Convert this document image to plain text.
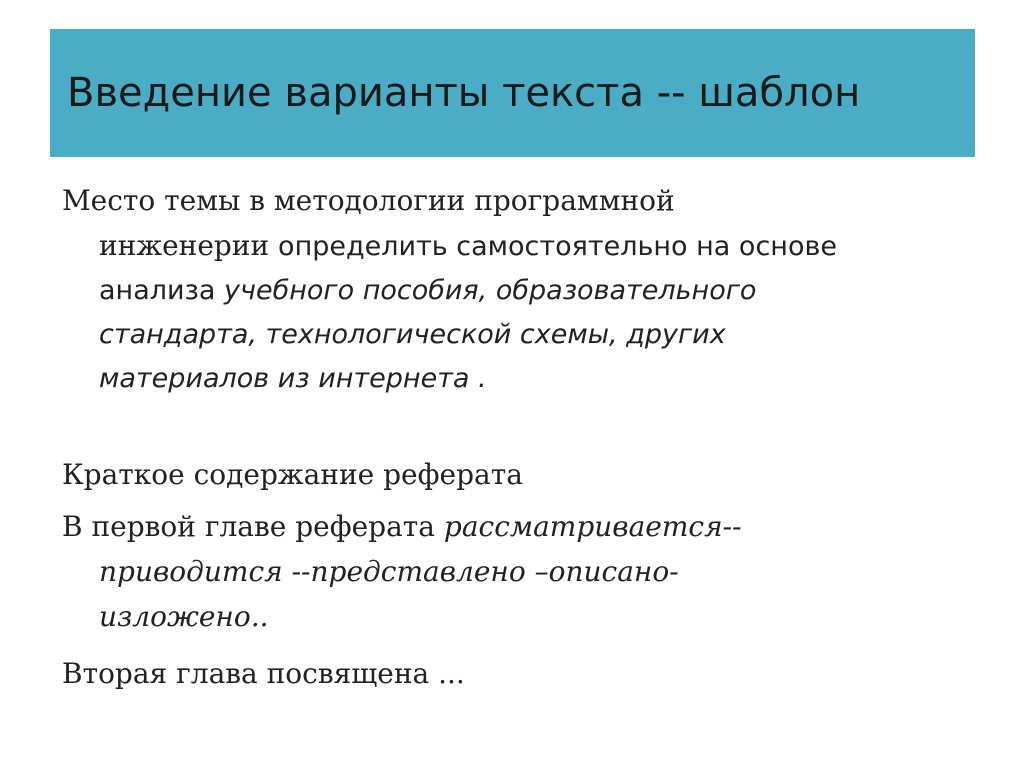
Введение варианты текста -- шаблон

Место темы в методологии программной
инженерии определить самостоятельно на основе
анализа учебного пособия, образовательного
стандарта, технологической схемы, других
материалов из интернета .

Краткое содержание реферата

В первой главе реферата рассматривается--
приводится --представлено –описано-
изложено..

Вторая глава посвящена ...
